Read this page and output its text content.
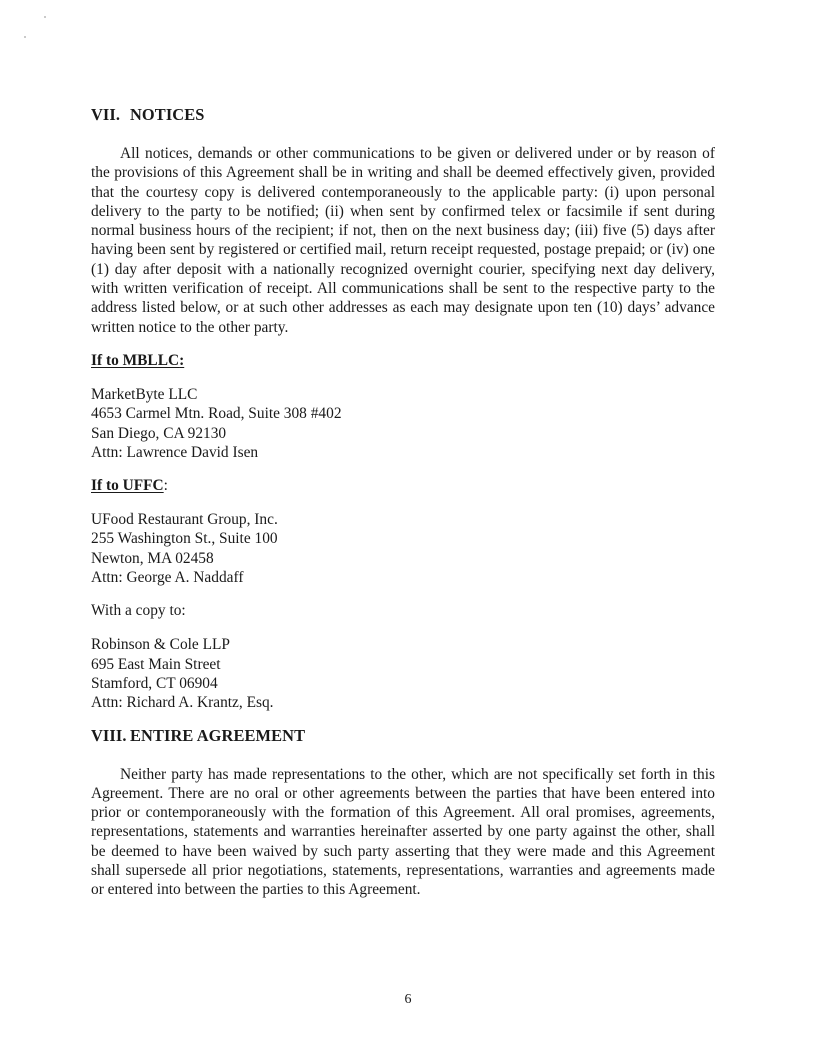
VII. NOTICES

All notices, demands or other communications to be given or delivered under or by reason of the provisions of this Agreement shall be in writing and shall be deemed effectively given, provided that the courtesy copy is delivered contemporaneously to the applicable party: (i) upon personal delivery to the party to be notified; (ii) when sent by confirmed telex or facsimile if sent during normal business hours of the recipient; if not, then on the next business day; (iii) five (5) days after having been sent by registered or certified mail, return receipt requested, postage prepaid; or (iv) one (1) day after deposit with a nationally recognized overnight courier, specifying next day delivery, with written verification of receipt. All communications shall be sent to the respective party to the address listed below, or at such other addresses as each may designate upon ten (10) days’ advance written notice to the other party.

If to MBLLC:

MarketByte LLC
4653 Carmel Mtn. Road, Suite 308 #402
San Diego, CA 92130
Attn: Lawrence David Isen

If to UFFC:

UFood Restaurant Group, Inc.
255 Washington St., Suite 100
Newton, MA 02458
Attn: George A. Naddaff

With a copy to:

Robinson & Cole LLP
695 East Main Street
Stamford, CT 06904
Attn: Richard A. Krantz, Esq.
VIII. ENTIRE AGREEMENT

Neither party has made representations to the other, which are not specifically set forth in this Agreement. There are no oral or other agreements between the parties that have been entered into prior or contemporaneously with the formation of this Agreement. All oral promises, agreements, representations, statements and warranties hereinafter asserted by one party against the other, shall be deemed to have been waived by such party asserting that they were made and this Agreement shall supersede all prior negotiations, statements, representations, warranties and agreements made or entered into between the parties to this Agreement.

6
